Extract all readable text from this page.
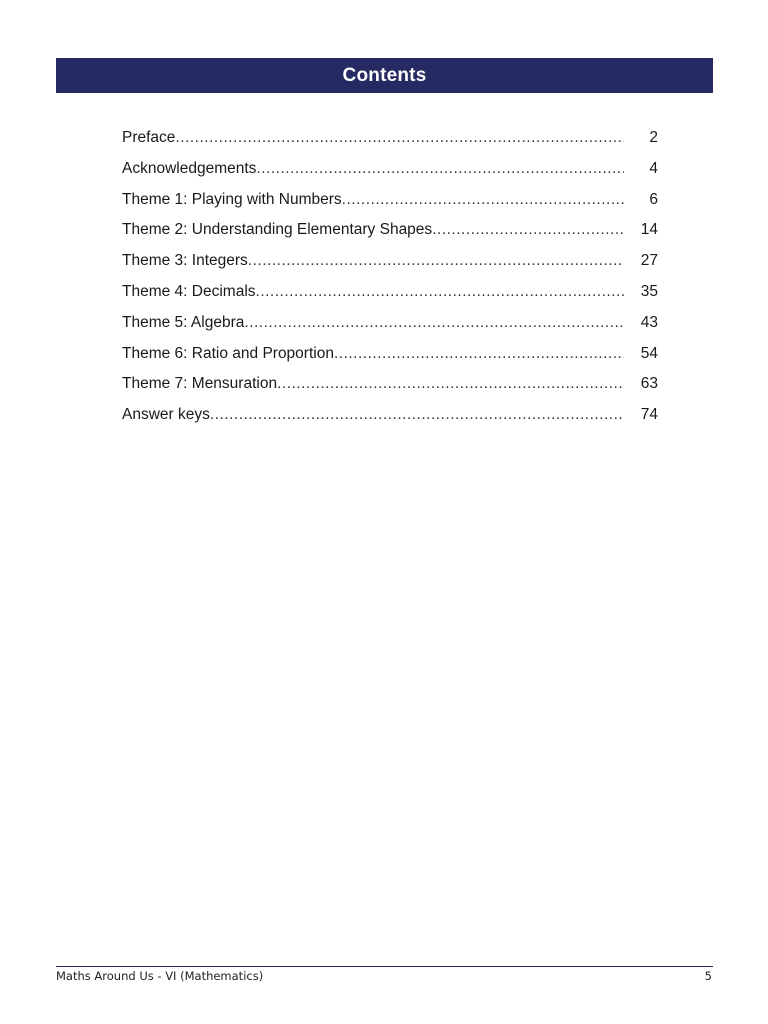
Contents
Preface .....	2
Acknowledgements .....	4
Theme 1: Playing with Numbers .....	6
Theme 2: Understanding Elementary Shapes .....	14
Theme 3: Integers .....	27
Theme 4: Decimals .....	35
Theme 5: Algebra .....	43
Theme 6: Ratio and Proportion .....	54
Theme 7: Mensuration .....	63
Answer keys .....	74
Maths Around Us - VI (Mathematics)	5
